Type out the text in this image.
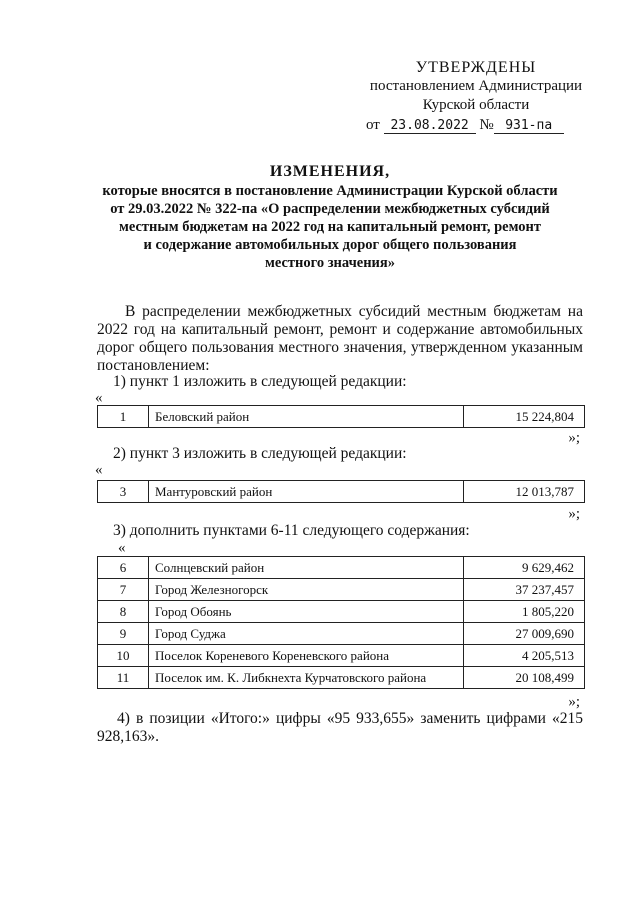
УТВЕРЖДЕНЫ
постановлением Администрации
Курской области
от 23.08.2022 № 931-па
ИЗМЕНЕНИЯ,
которые вносятся в постановление Администрации Курской области
от 29.03.2022 № 322-па «О распределении межбюджетных субсидий
местным бюджетам на 2022 год на капитальный ремонт, ремонт
и содержание автомобильных дорог общего пользования
местного значения»
В распределении межбюджетных субсидий местным бюджетам на 2022 год на капитальный ремонт, ремонт и содержание автомобильных дорог общего пользования местного значения, утвержденном указанным постановлением:
1) пункт 1 изложить в следующей редакции:
«
1	Беловский район	15 224,804
»;
2) пункт 3 изложить в следующей редакции:
«
3	Мантуровский район	12 013,787
»;
3) дополнить пунктами 6-11 следующего содержания:
«
6	Солнцевский район	9 629,462
7	Город Железногорск	37 237,457
8	Город Обоянь	1 805,220
9	Город Суджа	27 009,690
10	Поселок Кореневого Кореневского района	4 205,513
11	Поселок им. К. Либкнехта Курчатовского района	20 108,499
»;
4) в позиции «Итого:» цифры «95 933,655» заменить цифрами «215 928,163».
